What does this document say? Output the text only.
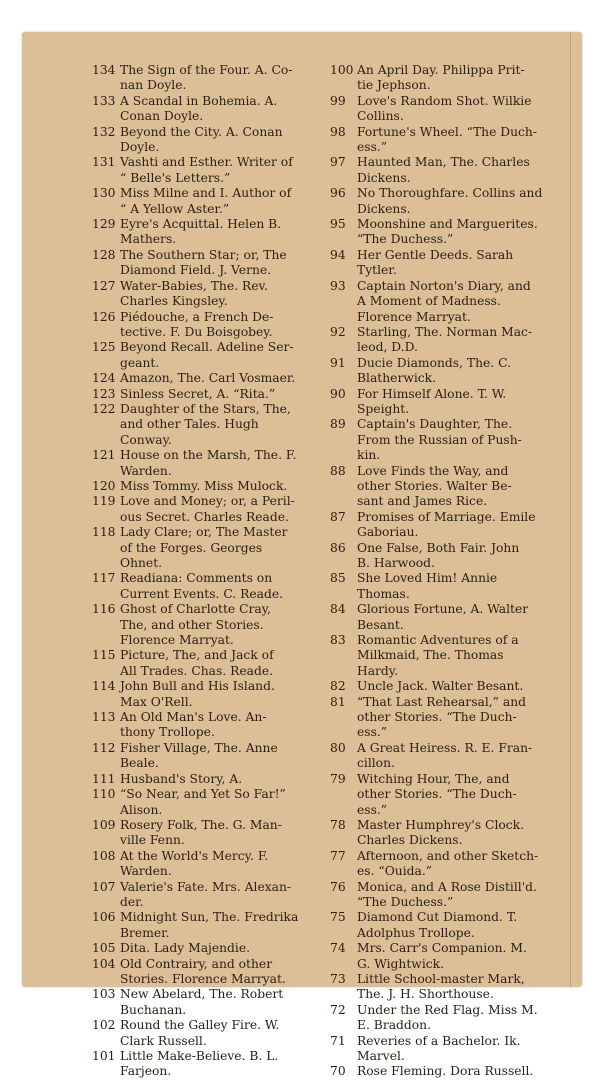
134 The Sign of the Four. A. Co-
nan Doyle.
133 A Scandal in Bohemia. A.
Conan Doyle.
132 Beyond the City. A. Conan
Doyle.
131 Vashti and Esther. Writer of
“ Belle's Letters.”
130 Miss Milne and I. Author of
“ A Yellow Aster.”
129 Eyre's Acquittal. Helen B.
Mathers.
128 The Southern Star; or, The
Diamond Field. J. Verne.
127 Water-Babies, The. Rev.
Charles Kingsley.
126 Piédouche, a French De-
tective. F. Du Boisgobey.
125 Beyond Recall. Adeline Ser-
geant.
124 Amazon, The. Carl Vosmaer.
123 Sinless Secret, A. “Rita.”
122 Daughter of the Stars, The,
and other Tales. Hugh
Conway.
121 House on the Marsh, The. F.
Warden.
120 Miss Tommy. Miss Mulock.
119 Love and Money; or, a Peril-
ous Secret. Charles Reade.
118 Lady Clare; or, The Master
of the Forges. Georges
Ohnet.
117 Readiana: Comments on
Current Events. C. Reade.
116 Ghost of Charlotte Cray,
The, and other Stories.
Florence Marryat.
115 Picture, The, and Jack of
All Trades. Chas. Reade.
114 John Bull and His Island.
Max O'Rell.
113 An Old Man's Love. An-
thony Trollope.
112 Fisher Village, The. Anne
Beale.
111 Husband's Story, A.
110 “So Near, and Yet So Far!”
Alison.
109 Rosery Folk, The. G. Man-
ville Fenn.
108 At the World's Mercy. F.
Warden.
107 Valerie's Fate. Mrs. Alexan-
der.
106 Midnight Sun, The. Fredrika
Bremer.
105 Dita. Lady Majendie.
104 Old Contrairy, and other
Stories. Florence Marryat.
103 New Abelard, The. Robert
Buchanan.
102 Round the Galley Fire. W.
Clark Russell.
101 Little Make-Believe. B. L.
Farjeon.
100 An April Day. Philippa Prit-
tie Jephson.
99 Love's Random Shot. Wilkie
Collins.
98 Fortune's Wheel. “The Duch-
ess.”
97 Haunted Man, The. Charles
Dickens.
96 No Thoroughfare. Collins and
Dickens.
95 Moonshine and Marguerites.
“The Duchess.”
94 Her Gentle Deeds. Sarah
Tytler.
93 Captain Norton's Diary, and
A Moment of Madness.
Florence Marryat.
92 Starling, The. Norman Mac-
leod, D.D.
91 Ducie Diamonds, The. C.
Blatherwick.
90 For Himself Alone. T. W.
Speight.
89 Captain's Daughter, The.
From the Russian of Push-
kin.
88 Love Finds the Way, and
other Stories. Walter Be-
sant and James Rice.
87 Promises of Marriage. Emile
Gaboriau.
86 One False, Both Fair. John
B. Harwood.
85 She Loved Him! Annie
Thomas.
84 Glorious Fortune, A. Walter
Besant.
83 Romantic Adventures of a
Milkmaid, The. Thomas
Hardy.
82 Uncle Jack. Walter Besant.
81 “That Last Rehearsal,” and
other Stories. “The Duch-
ess.”
80 A Great Heiress. R. E. Fran-
cillon.
79 Witching Hour, The, and
other Stories. “The Duch-
ess.”
78 Master Humphrey's Clock.
Charles Dickens.
77 Afternoon, and other Sketch-
es. “Ouida.”
76 Monica, and A Rose Distill'd.
“The Duchess.”
75 Diamond Cut Diamond. T.
Adolphus Trollope.
74 Mrs. Carr's Companion. M.
G. Wightwick.
73 Little School-master Mark,
The. J. H. Shorthouse.
72 Under the Red Flag. Miss M.
E. Braddon.
71 Reveries of a Bachelor. Ik.
Marvel.
70 Rose Fleming. Dora Russell.
